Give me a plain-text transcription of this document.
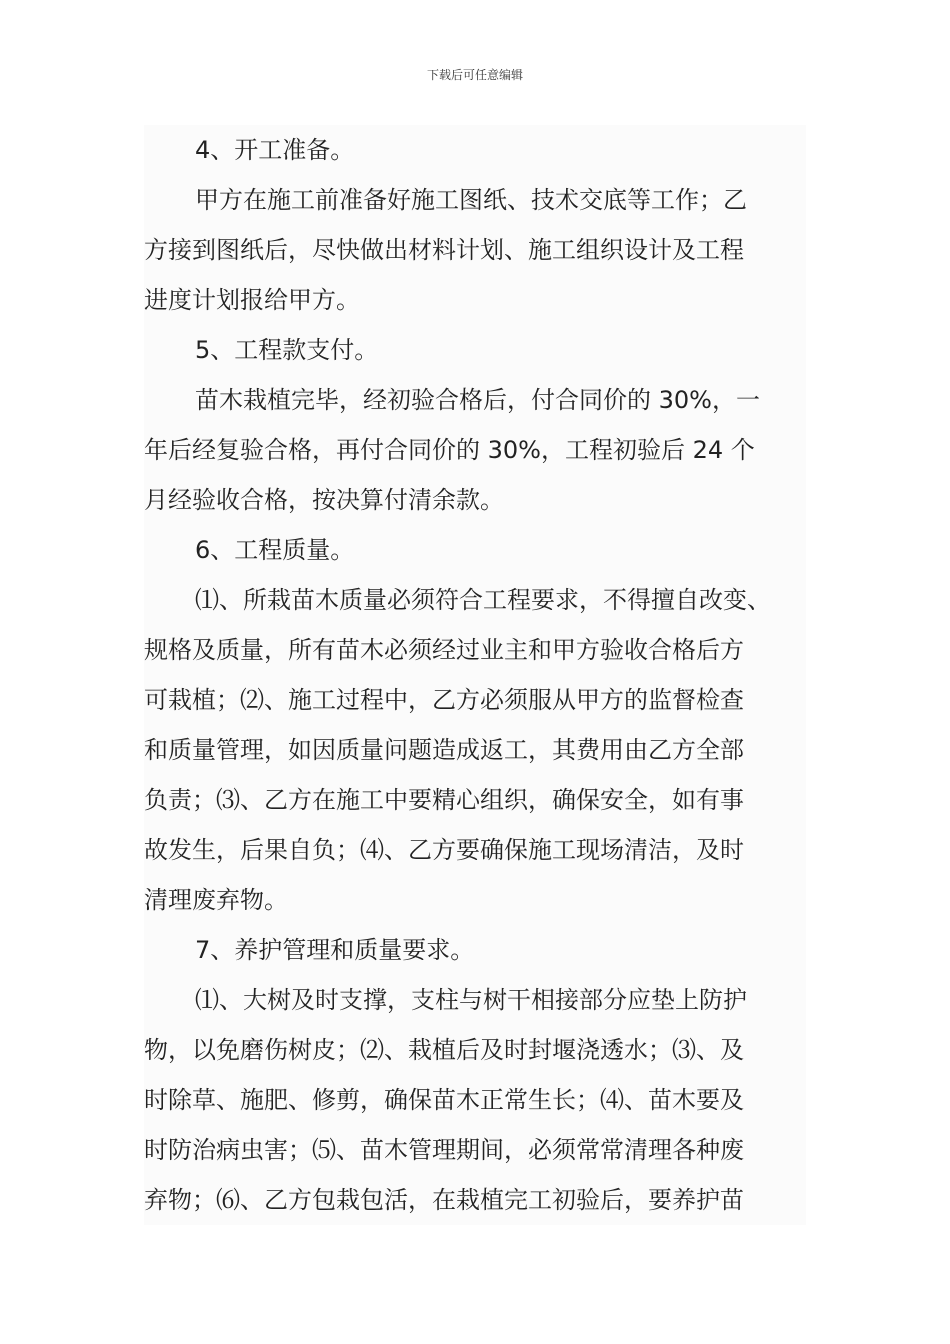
下载后可任意编辑
4、开工准备。
甲方在施工前准备好施工图纸、技术交底等工作；乙
方接到图纸后，尽快做出材料计划、施工组织设计及工程
进度计划报给甲方。
5、工程款支付。
苗木栽植完毕，经初验合格后，付合同价的 30%，一
年后经复验合格，再付合同价的 30%，工程初验后 24 个
月经验收合格，按决算付清余款。
6、工程质量。
⑴、所栽苗木质量必须符合工程要求，不得擅自改变、
规格及质量，所有苗木必须经过业主和甲方验收合格后方
可栽植；⑵、施工过程中，乙方必须服从甲方的监督检查
和质量管理，如因质量问题造成返工，其费用由乙方全部
负责；⑶、乙方在施工中要精心组织，确保安全，如有事
故发生，后果自负；⑷、乙方要确保施工现场清洁，及时
清理废弃物。
7、养护管理和质量要求。
⑴、大树及时支撑，支柱与树干相接部分应垫上防护
物，以免磨伤树皮；⑵、栽植后及时封堰浇透水；⑶、及
时除草、施肥、修剪，确保苗木正常生长；⑷、苗木要及
时防治病虫害；⑸、苗木管理期间，必须常常清理各种废
弃物；⑹、乙方包栽包活，在栽植完工初验后，要养护苗
